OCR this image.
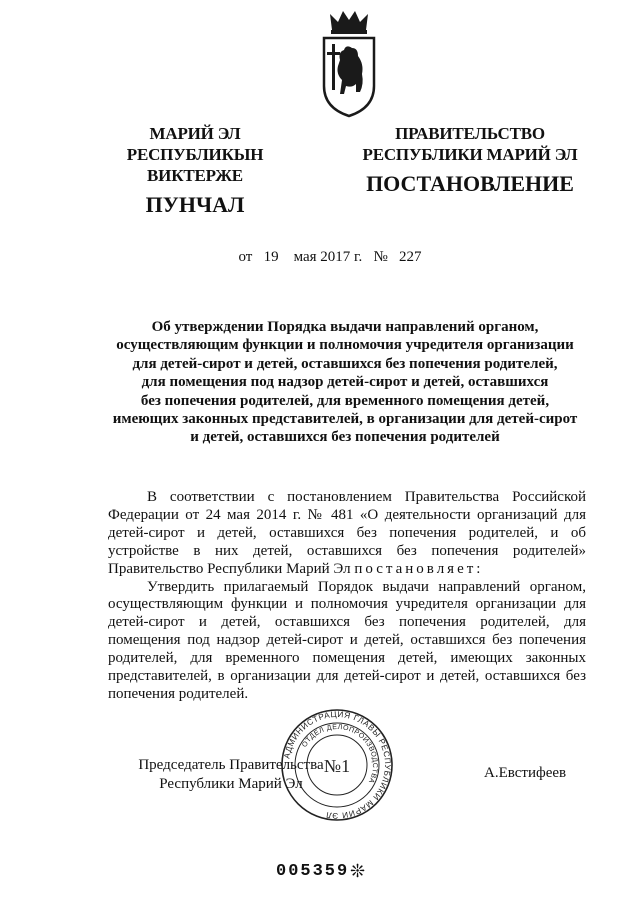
МАРИЙ ЭЛ РЕСПУБЛИКЫН
ВИКТЕРЖЕ
ПУНЧАЛ
ПРАВИТЕЛЬСТВО
РЕСПУБЛИКИ МАРИЙ ЭЛ
ПОСТАНОВЛЕНИЕ
от 19 мая 2017 г. № 227
Об утверждении Порядка выдачи направлений органом,
осуществляющим функции и полномочия учредителя организации
для детей-сирот и детей, оставшихся без попечения родителей,
для помещения под надзор детей-сирот и детей, оставшихся
без попечения родителей, для временного помещения детей,
имеющих законных представителей, в организации для детей-сирот
и детей, оставшихся без попечения родителей

В соответствии с постановлением Правительства Российской Федерации от 24 мая 2014 г. № 481 «О деятельности организаций для детей-сирот и детей, оставшихся без попечения родителей, и об устройстве в них детей, оставшихся без попечения родителей» Правительство Республики Марий Эл постановляет:

Утвердить прилагаемый Порядок выдачи направлений органом, осуществляющим функции и полномочия учредителя организации для детей-сирот и детей, оставшихся без попечения родителей, для помещения под надзор детей-сирот и детей, оставшихся без попечения родителей, для временного помещения детей, имеющих законных представителей, в организации для детей-сирот и детей, оставшихся без попечения родителей.

АДМИНИСТРАЦИЯ ГЛАВЫ РЕСПУБЛИКИ МАРИЙ ЭЛ
ОТДЕЛ ДЕЛОПРОИЗВОДСТВА
№1
Председатель Правительства
Республики Марий Эл
А.Евстифеев
005359 ❊
